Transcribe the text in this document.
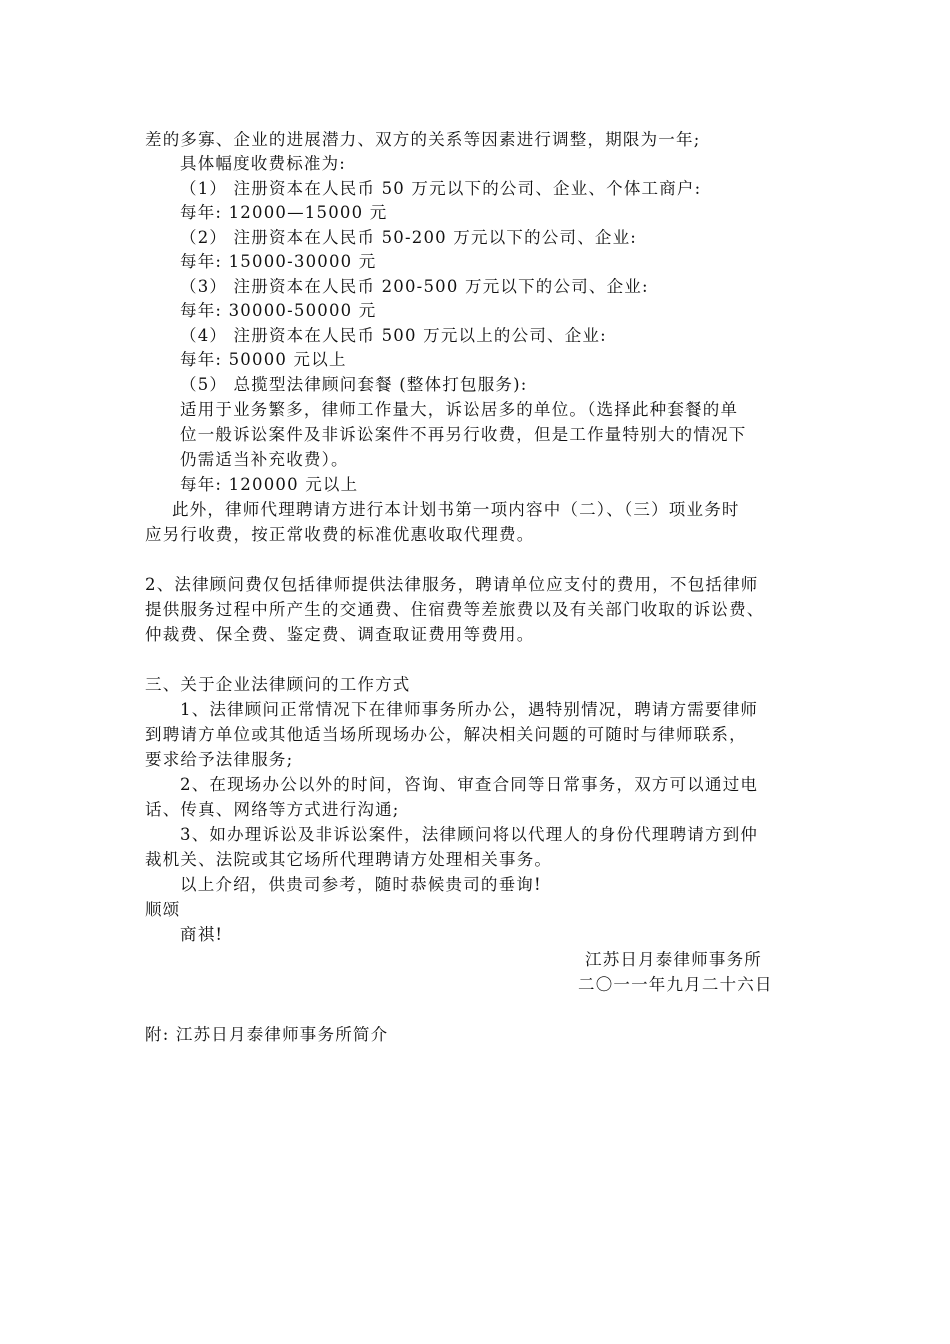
差的多寡、企业的进展潜力、双方的关系等因素进行调整，期限为一年;
具体幅度收费标准为:
（1） 注册资本在人民币 50 万元以下的公司、企业、个体工商户:
每年: 12000—15000 元
（2） 注册资本在人民币 50-200 万元以下的公司、企业:
每年: 15000-30000 元
（3） 注册资本在人民币 200-500 万元以下的公司、企业:
每年: 30000-50000 元
（4） 注册资本在人民币 500 万元以上的公司、企业:
每年: 50000 元以上
（5） 总揽型法律顾问套餐 (整体打包服务):
适用于业务繁多，律师工作量大，诉讼居多的单位。（选择此种套餐的单
位一般诉讼案件及非诉讼案件不再另行收费，但是工作量特别大的情况下
仍需适当补充收费）。
每年: 120000 元以上
此外，律师代理聘请方进行本计划书第一项内容中（二）、（三）项业务时
应另行收费，按正常收费的标准优惠收取代理费。
2、法律顾问费仅包括律师提供法律服务，聘请单位应支付的费用，不包括律师
提供服务过程中所产生的交通费、住宿费等差旅费以及有关部门收取的诉讼费、
仲裁费、保全费、鉴定费、调查取证费用等费用。
三、关于企业法律顾问的工作方式
1、法律顾问正常情况下在律师事务所办公，遇特别情况，聘请方需要律师
到聘请方单位或其他适当场所现场办公，解决相关问题的可随时与律师联系，
要求给予法律服务;
2、在现场办公以外的时间，咨询、审查合同等日常事务，双方可以通过电
话、传真、网络等方式进行沟通;
3、如办理诉讼及非诉讼案件，法律顾问将以代理人的身份代理聘请方到仲
裁机关、法院或其它场所代理聘请方处理相关事务。
以上介绍，供贵司参考，随时恭候贵司的垂询!
顺颂
商祺!
江苏日月泰律师事务所
二〇一一年九月二十六日
附: 江苏日月泰律师事务所简介
